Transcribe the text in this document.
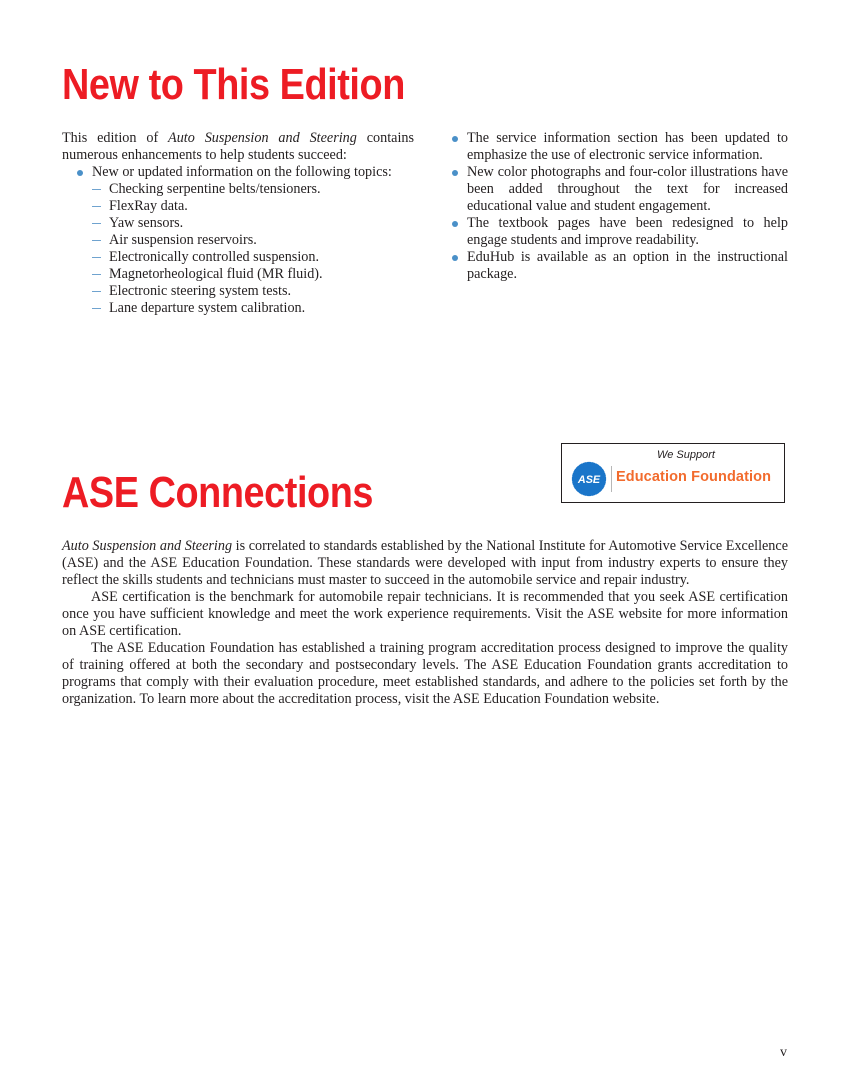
New to This Edition

This edition of Auto Suspension and Steering contains numerous enhancements to help students succeed:

New or updated information on the following topics:
Checking serpentine belts/tensioners.
FlexRay data.
Yaw sensors.
Air suspension reservoirs.
Electronically controlled suspension.
Magnetorheological fluid (MR fluid).
Electronic steering system tests.
Lane departure system calibration.
The service information section has been updated to emphasize the use of electronic service information.
New color photographs and four-color illustrations have been added throughout the text for increased educational value and student engagement.
The textbook pages have been redesigned to help engage students and improve readability.
EduHub is available as an option in the instructional package.
ASE Connections
We Support
ASE Education Foundation

Auto Suspension and Steering is correlated to standards established by the National Institute for Automotive Service Excellence (ASE) and the ASE Education Foundation. These standards were developed with input from industry experts to ensure they reflect the skills students and technicians must master to succeed in the automobile service and repair industry.

ASE certification is the benchmark for automobile repair technicians. It is recommended that you seek ASE certification once you have sufficient knowledge and meet the work experience requirements. Visit the ASE website for more information on ASE certification.

The ASE Education Foundation has established a training program accreditation process designed to improve the quality of training offered at both the secondary and postsecondary levels. The ASE Education Foundation grants accreditation to programs that comply with their evaluation procedure, meet established standards, and adhere to the policies set forth by the organization. To learn more about the accreditation process, visit the ASE Education Foundation website.

v
